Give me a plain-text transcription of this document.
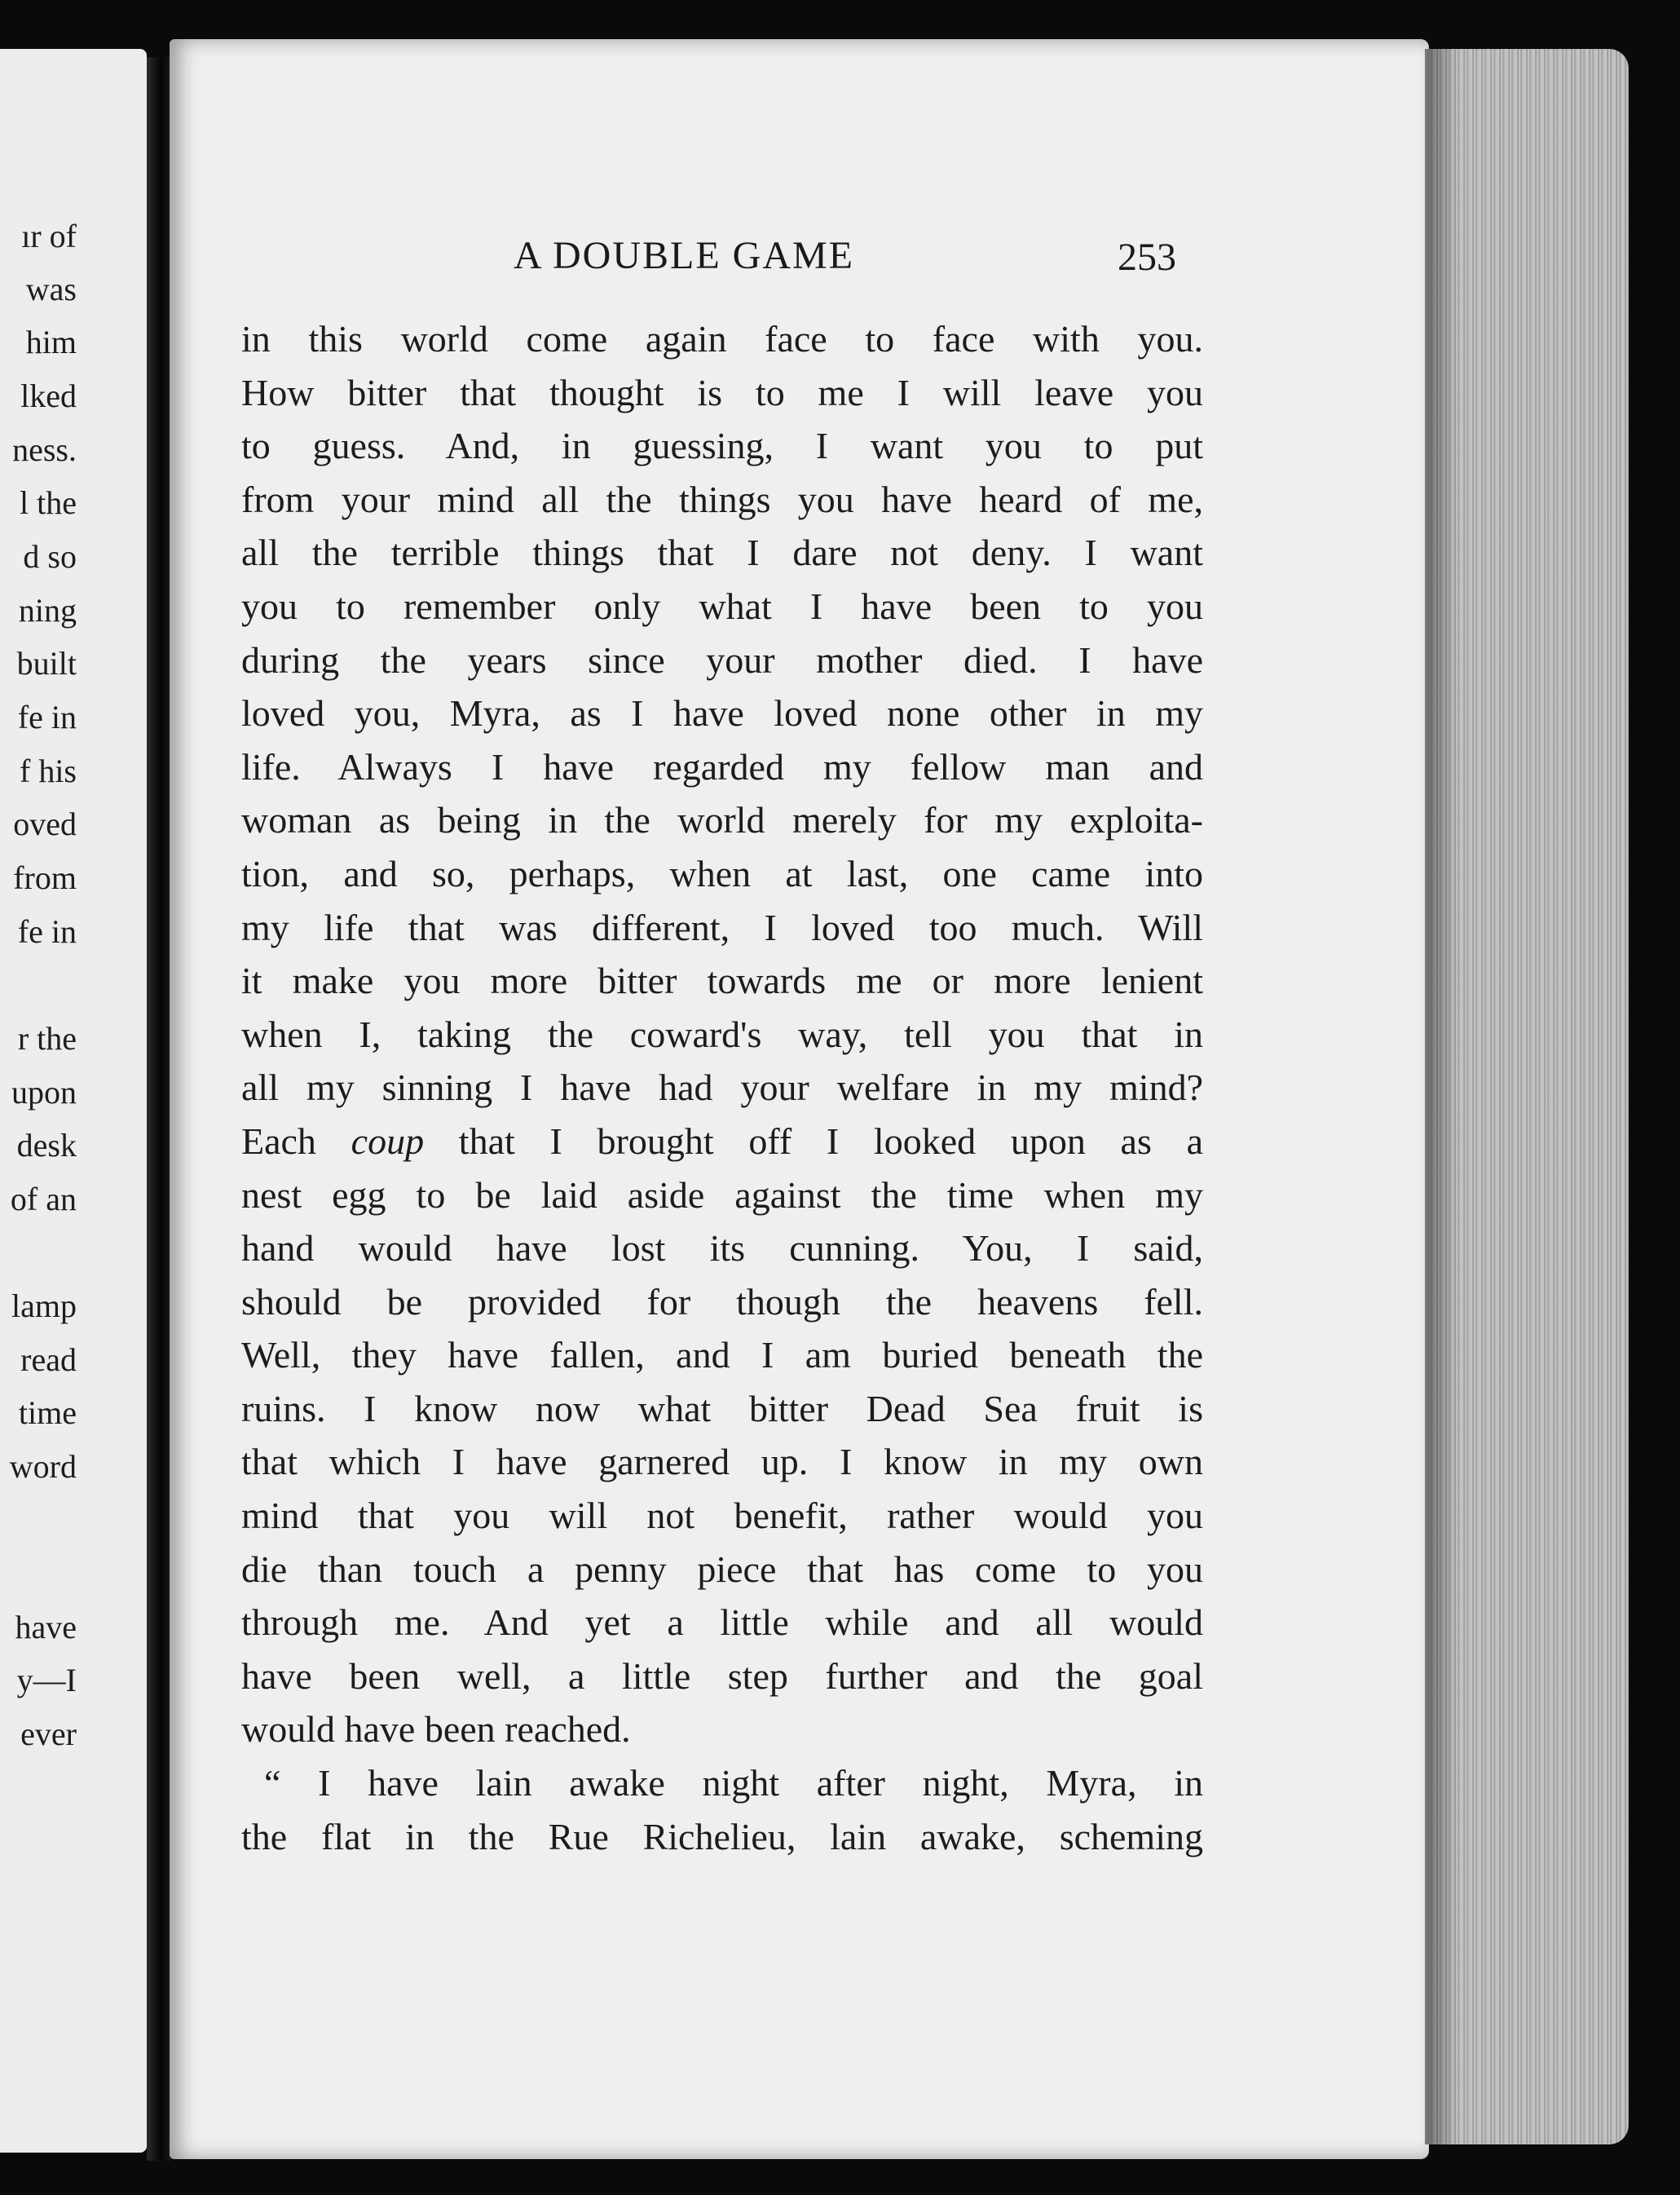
ır of
was
him
lked
ness.
l the
d so
ning
built
fe in
f his
oved
from
fe in
r the
upon
desk
of an
lamp
read
time
word
have
y—I
ever
A DOUBLE GAME	253
in this world come again face to face with you.
How bitter that thought is to me I will leave you
to guess. And, in guessing, I want you to put
from your mind all the things you have heard of me,
all the terrible things that I dare not deny. I want
you to remember only what I have been to you
during the years since your mother died. I have
loved you, Myra, as I have loved none other in my
life. Always I have regarded my fellow man and
woman as being in the world merely for my exploita-
tion, and so, perhaps, when at last, one came into
my life that was different, I loved too much. Will
it make you more bitter towards me or more lenient
when I, taking the coward's way, tell you that in
all my sinning I have had your welfare in my mind?
Each coup that I brought off I looked upon as a
nest egg to be laid aside against the time when my
hand would have lost its cunning. You, I said,
should be provided for though the heavens fell.
Well, they have fallen, and I am buried beneath the
ruins. I know now what bitter Dead Sea fruit is
that which I have garnered up. I know in my own
mind that you will not benefit, rather would you
die than touch a penny piece that has come to you
through me. And yet a little while and all would
have been well, a little step further and the goal
would have been reached.
“ I have lain awake night after night, Myra, in
the flat in the Rue Richelieu, lain awake, scheming
